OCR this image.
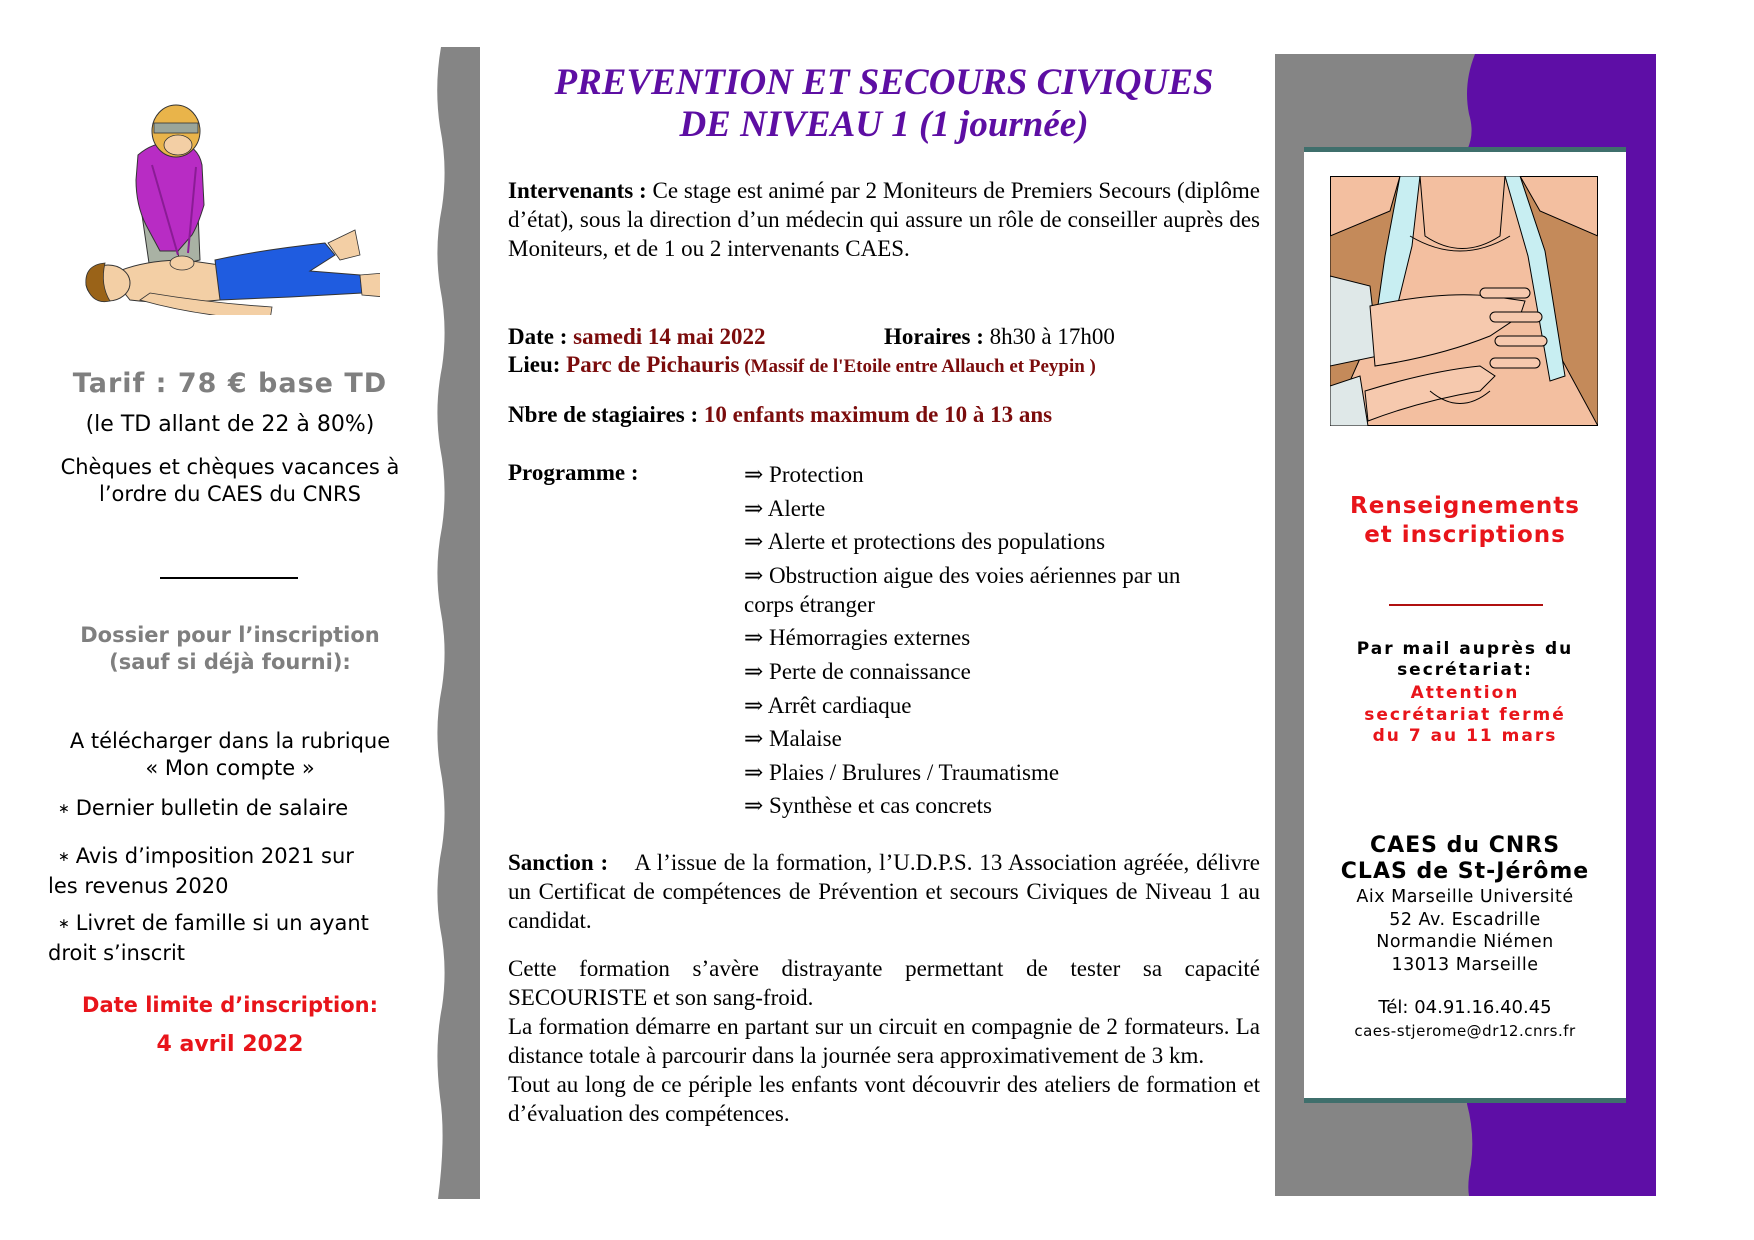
Tarif : 78 € base TD
(le TD allant de 22 à 80%)
Chèques et chèques vacances à
l’ordre du CAES du CNRS
Dossier pour l’inscription
(sauf si déjà fourni):
A télécharger dans la rubrique
« Mon compte »
∗ Dernier bulletin de salaire
∗ Avis d’imposition 2021 sur
les revenus 2020
∗ Livret de famille si un ayant
droit s’inscrit
Date limite d’inscription:
4 avril 2022
PREVENTION ET SECOURS CIVIQUES
DE NIVEAU 1 (1 journée)
Intervenants : Ce stage est animé par 2 Moniteurs de Premiers Secours (diplôme d’état), sous la direction d’un médecin qui assure un rôle de conseiller auprès des Moniteurs, et de 1 ou 2 intervenants CAES.
Date : samedi 14 mai 2022	Horaires : 8h30 à 17h00
Lieu: Parc de Pichauris (Massif de l'Etoile entre Allauch et Peypin )
Nbre de stagiaires : 10 enfants maximum de 10 à 13 ans
Programme :	⇒ Protection
⇒ Alerte
⇒ Alerte et protections des populations
⇒ Obstruction aigue des voies aériennes par un corps étranger
⇒ Hémorragies externes
⇒ Perte de connaissance
⇒ Arrêt cardiaque
⇒ Malaise
⇒ Plaies / Brulures / Traumatisme
⇒ Synthèse et cas concrets
Sanction :    A l’issue de la formation, l’U.D.P.S. 13 Association agréée, délivre un Certificat de compétences de Prévention et secours Civiques de Niveau 1 au candidat.
Cette formation s’avère distrayante permettant de tester sa capacité SECOURISTE et son sang-froid.
La formation démarre en partant sur un circuit en compagnie de 2 formateurs. La distance totale à parcourir dans la journée sera approximativement de 3 km.
Tout au long de ce périple les enfants vont découvrir des ateliers de formation et d’évaluation des compétences.
Renseignements
et inscriptions
Par mail auprès du
secrétariat:
Attention
secrétariat fermé
du 7 au 11 mars
CAES du CNRS
CLAS de St-Jérôme
Aix Marseille Université
52 Av. Escadrille
Normandie Niémen
13013 Marseille
Tél: 04.91.16.40.45
caes-stjerome@dr12.cnrs.fr
